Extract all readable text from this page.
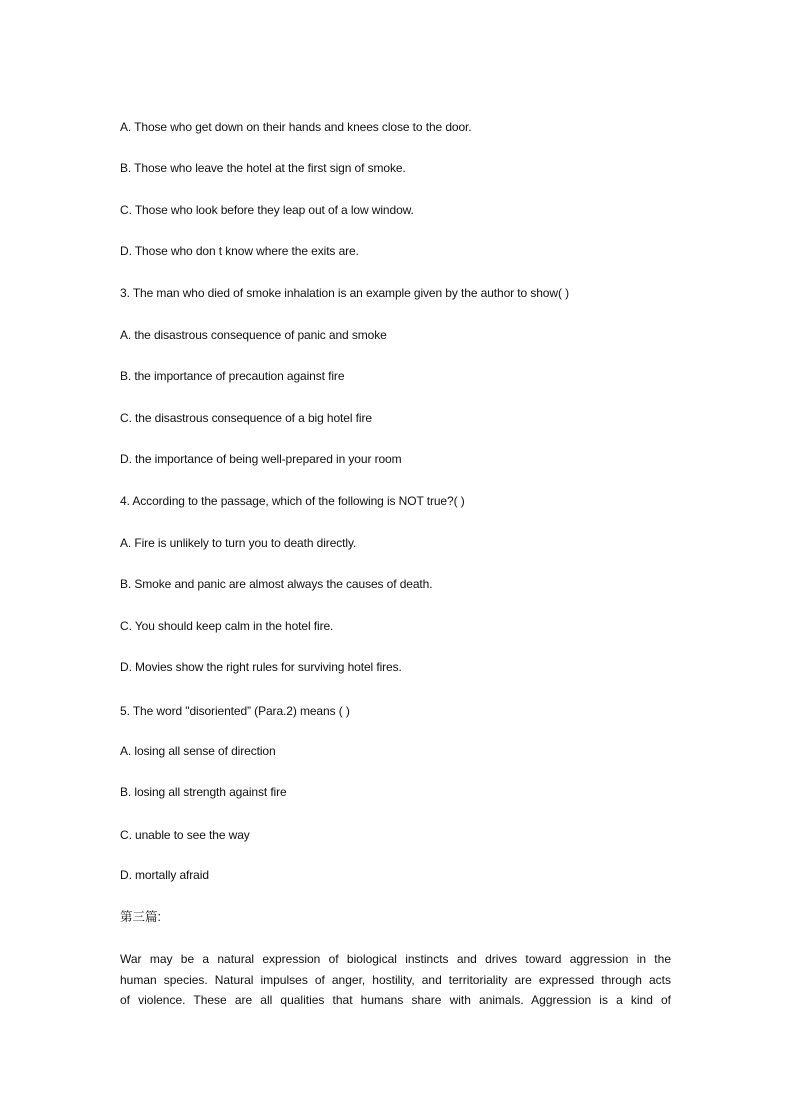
A. Those who get down on their hands and knees close to the door.
B. Those who leave the hotel at the first sign of smoke.
C. Those who look before they leap out of a low window.
D. Those who don t know where the exits are.
3. The man who died of smoke inhalation is an example given by the author to show( )
A. the disastrous consequence of panic and smoke
B. the importance of precaution against fire
C. the disastrous consequence of a big hotel fire
D. the importance of being well-prepared in your room
4. According to the passage, which of the following is NOT true?( )
A. Fire is unlikely to turn you to death directly.
B. Smoke and panic are almost always the causes of death.
C. You should keep calm in the hotel fire.
D. Movies show the right rules for surviving hotel fires.
5. The word "disoriented” (Para.2) means ( )
A. losing all sense of direction
B. losing all strength against fire
C. unable to see the way
D. mortally afraid
第三篇:
War may be a natural expression of biological instincts and drives toward aggression in the
human species. Natural impulses of anger, hostility, and territoriality are expressed through acts
of violence. These are all qualities that humans share with animals. Aggression is a kind of
